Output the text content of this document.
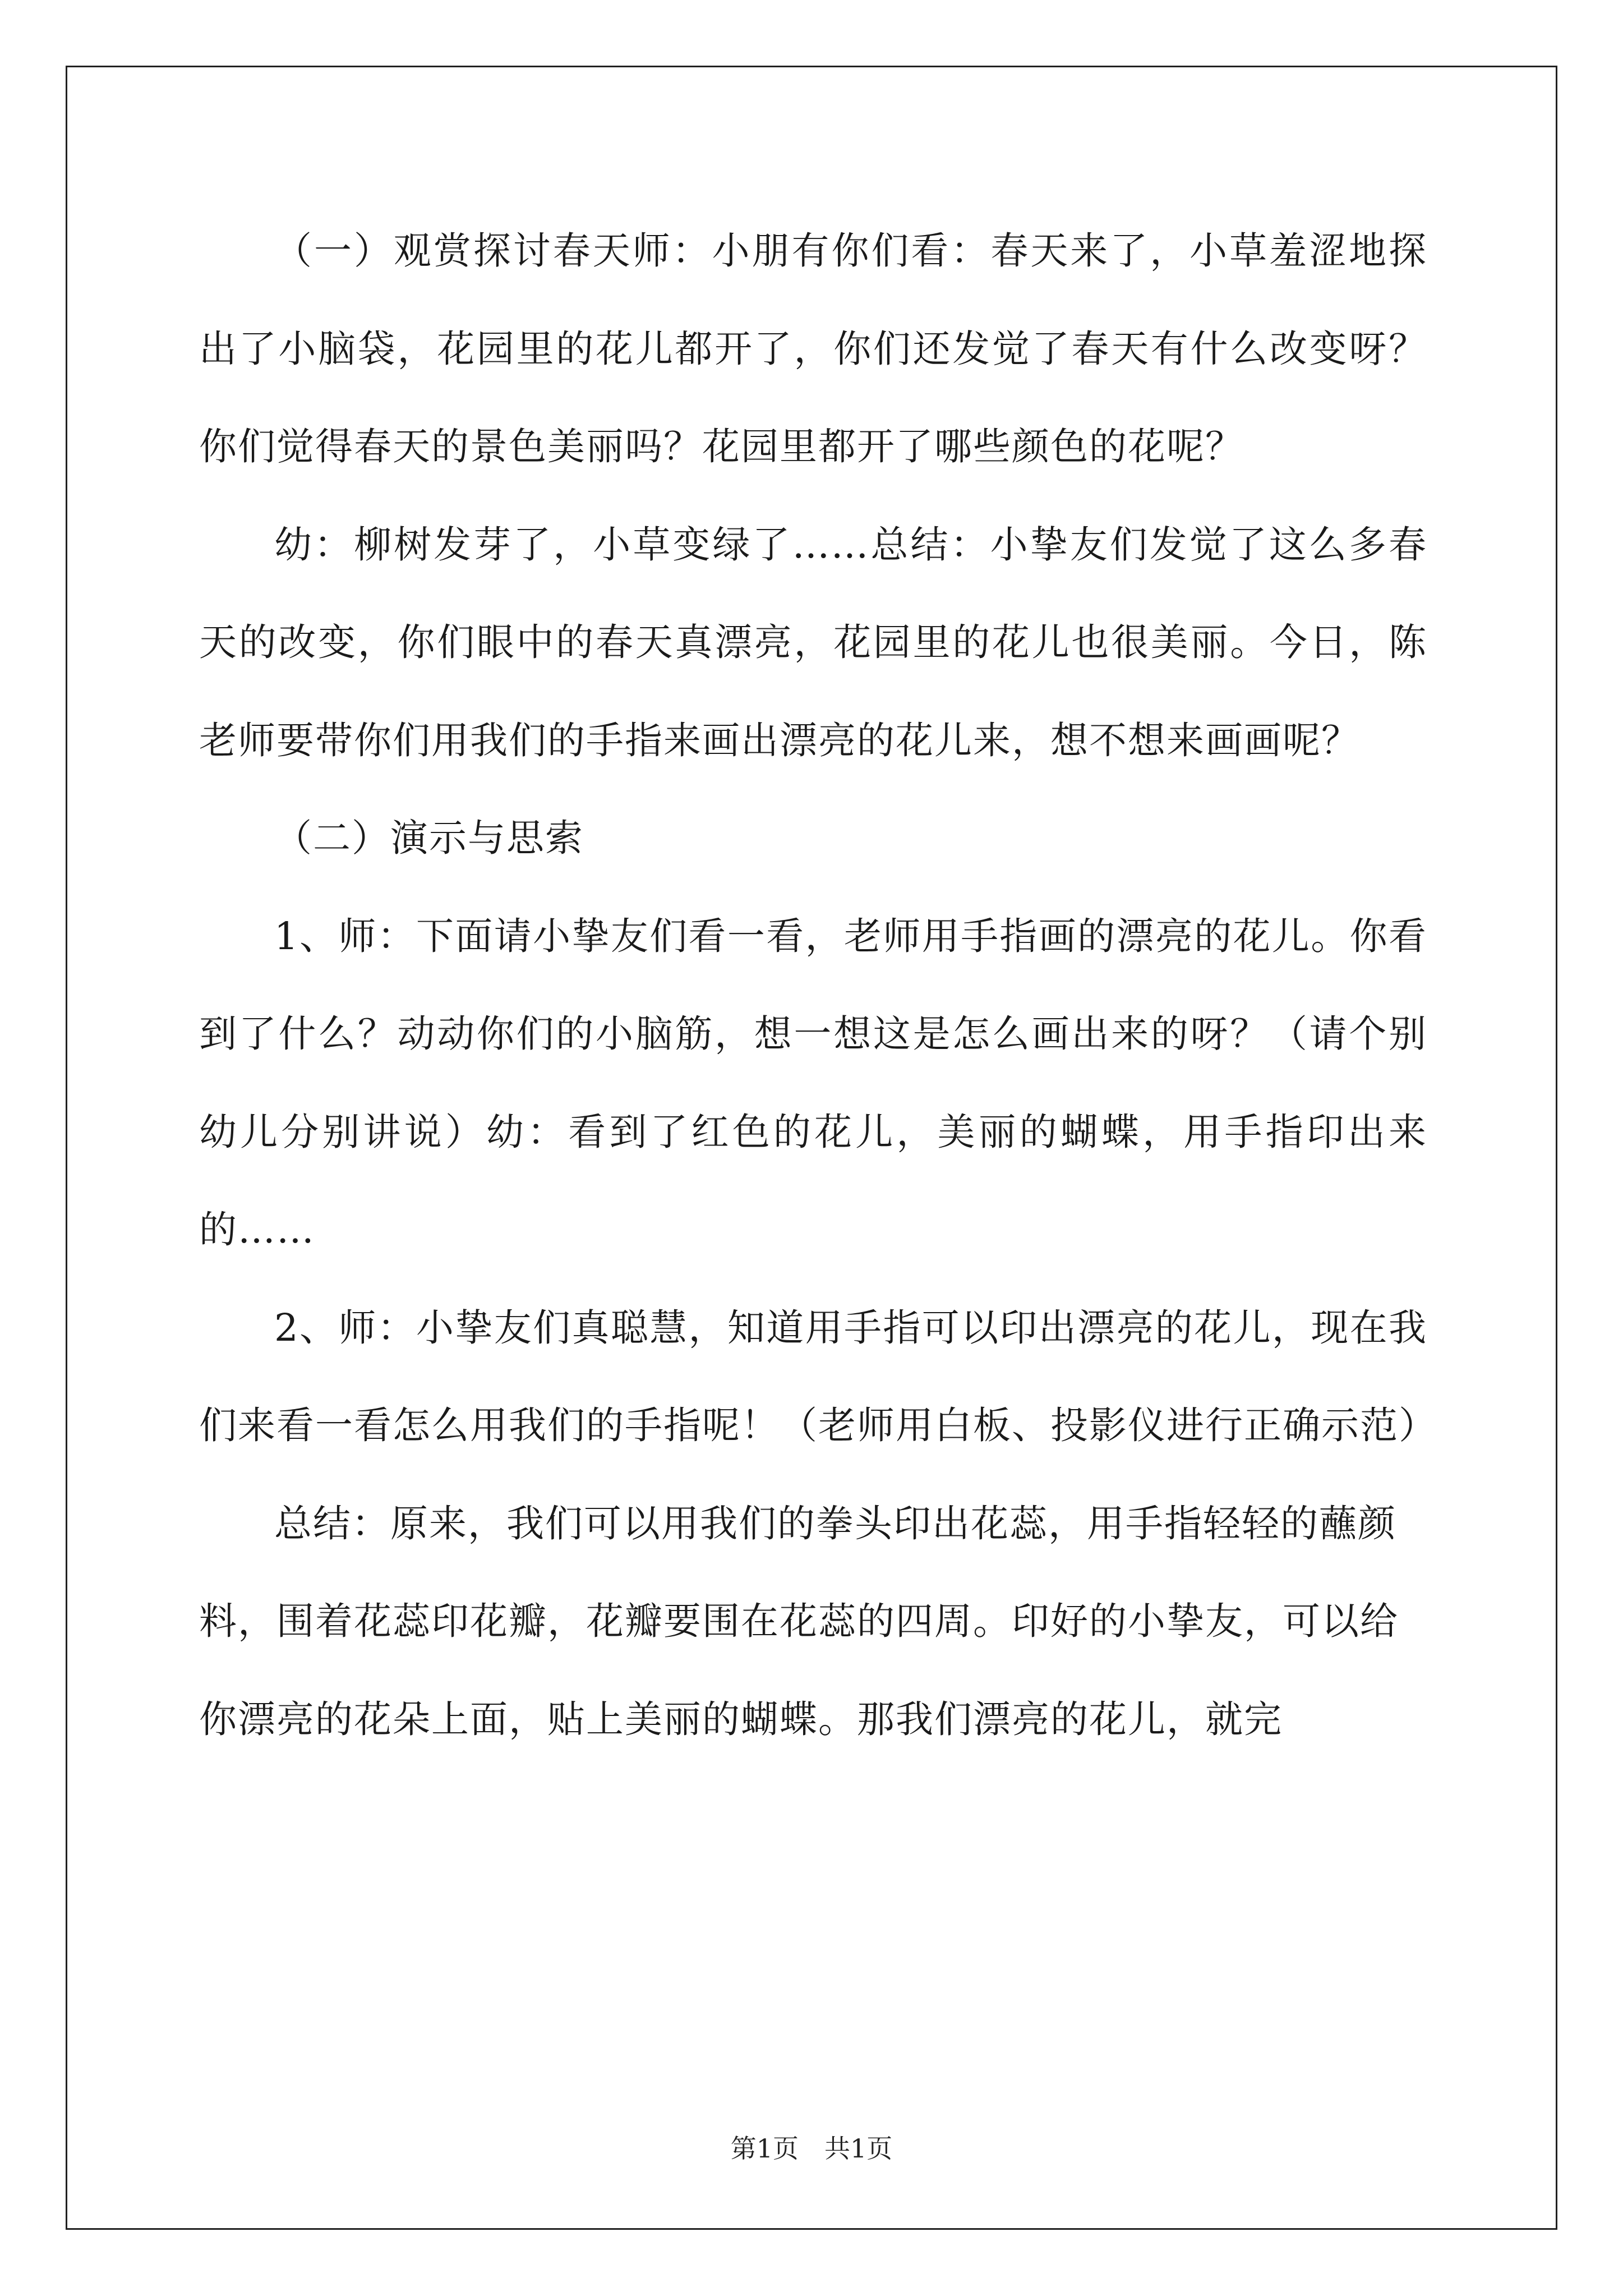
（一）观赏探讨春天师：小朋有你们看：春天来了，小草羞涩地探出了小脑袋，花园里的花儿都开了，你们还发觉了春天有什么改变呀？你们觉得春天的景色美丽吗？花园里都开了哪些颜色的花呢？

幼：柳树发芽了，小草变绿了……总结：小挚友们发觉了这么多春天的改变，你们眼中的春天真漂亮，花园里的花儿也很美丽。今日，陈老师要带你们用我们的手指来画出漂亮的花儿来，想不想来画画呢？

（二）演示与思索

1、师：下面请小挚友们看一看，老师用手指画的漂亮的花儿。你看到了什么？动动你们的小脑筋，想一想这是怎么画出来的呀？（请个别幼儿分别讲说）幼：看到了红色的花儿，美丽的蝴蝶，用手指印出来的……

2、师：小挚友们真聪慧，知道用手指可以印出漂亮的花儿，现在我们来看一看怎么用我们的手指呢！（老师用白板、投影仪进行正确示范）

总结：原来，我们可以用我们的拳头印出花蕊，用手指轻轻的蘸颜料，围着花蕊印花瓣，花瓣要围在花蕊的四周。印好的小挚友，可以给你漂亮的花朵上面，贴上美丽的蝴蝶。那我们漂亮的花儿，就完

第1页 共1页
